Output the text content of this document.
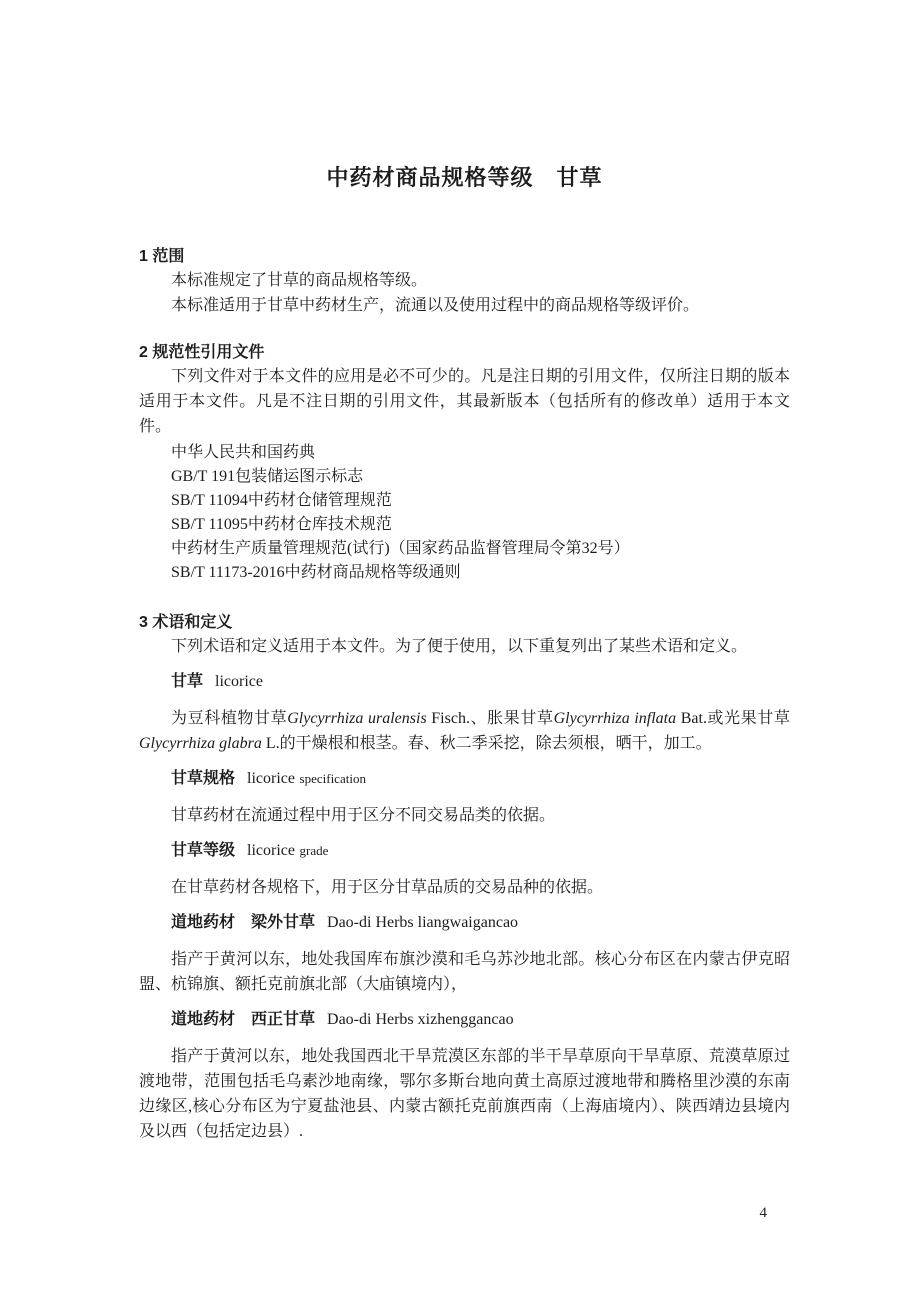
中药材商品规格等级　甘草
1 范围

本标准规定了甘草的商品规格等级。

本标准适用于甘草中药材生产，流通以及使用过程中的商品规格等级评价。

2 规范性引用文件

下列文件对于本文件的应用是必不可少的。凡是注日期的引用文件，仅所注日期的版本适用于本文件。凡是不注日期的引用文件，其最新版本（包括所有的修改单）适用于本文件。

中华人民共和国药典

GB/T 191包装储运图示标志

SB/T 11094中药材仓储管理规范

SB/T 11095中药材仓库技术规范

中药材生产质量管理规范(试行)（国家药品监督管理局令第32号）

SB/T 11173-2016中药材商品规格等级通则

3 术语和定义

下列术语和定义适用于本文件。为了便于使用，以下重复列出了某些术语和定义。

甘草 licorice

为豆科植物甘草Glycyrrhiza uralensis Fisch.、胀果甘草Glycyrrhiza inflata Bat.或光果甘草Glycyrrhiza glabra L.的干燥根和根茎。春、秋二季采挖，除去须根，晒干，加工。

甘草规格 licorice specification

甘草药材在流通过程中用于区分不同交易品类的依据。

甘草等级 licorice grade

在甘草药材各规格下，用于区分甘草品质的交易品种的依据。

道地药材　梁外甘草 Dao-di Herbs liangwaigancao

指产于黄河以东，地处我国库布旗沙漠和毛乌苏沙地北部。核心分布区在内蒙古伊克昭盟、杭锦旗、额托克前旗北部（大庙镇境内），

道地药材　西正甘草 Dao-di Herbs xizhenggancao

指产于黄河以东，地处我国西北干旱荒漠区东部的半干旱草原向干旱草原、荒漠草原过渡地带，范围包括毛乌素沙地南缘，鄂尔多斯台地向黄土高原过渡地带和腾格里沙漠的东南边缘区,核心分布区为宁夏盐池县、内蒙古额托克前旗西南（上海庙境内）、陕西靖边县境内及以西（包括定边县）.

4
